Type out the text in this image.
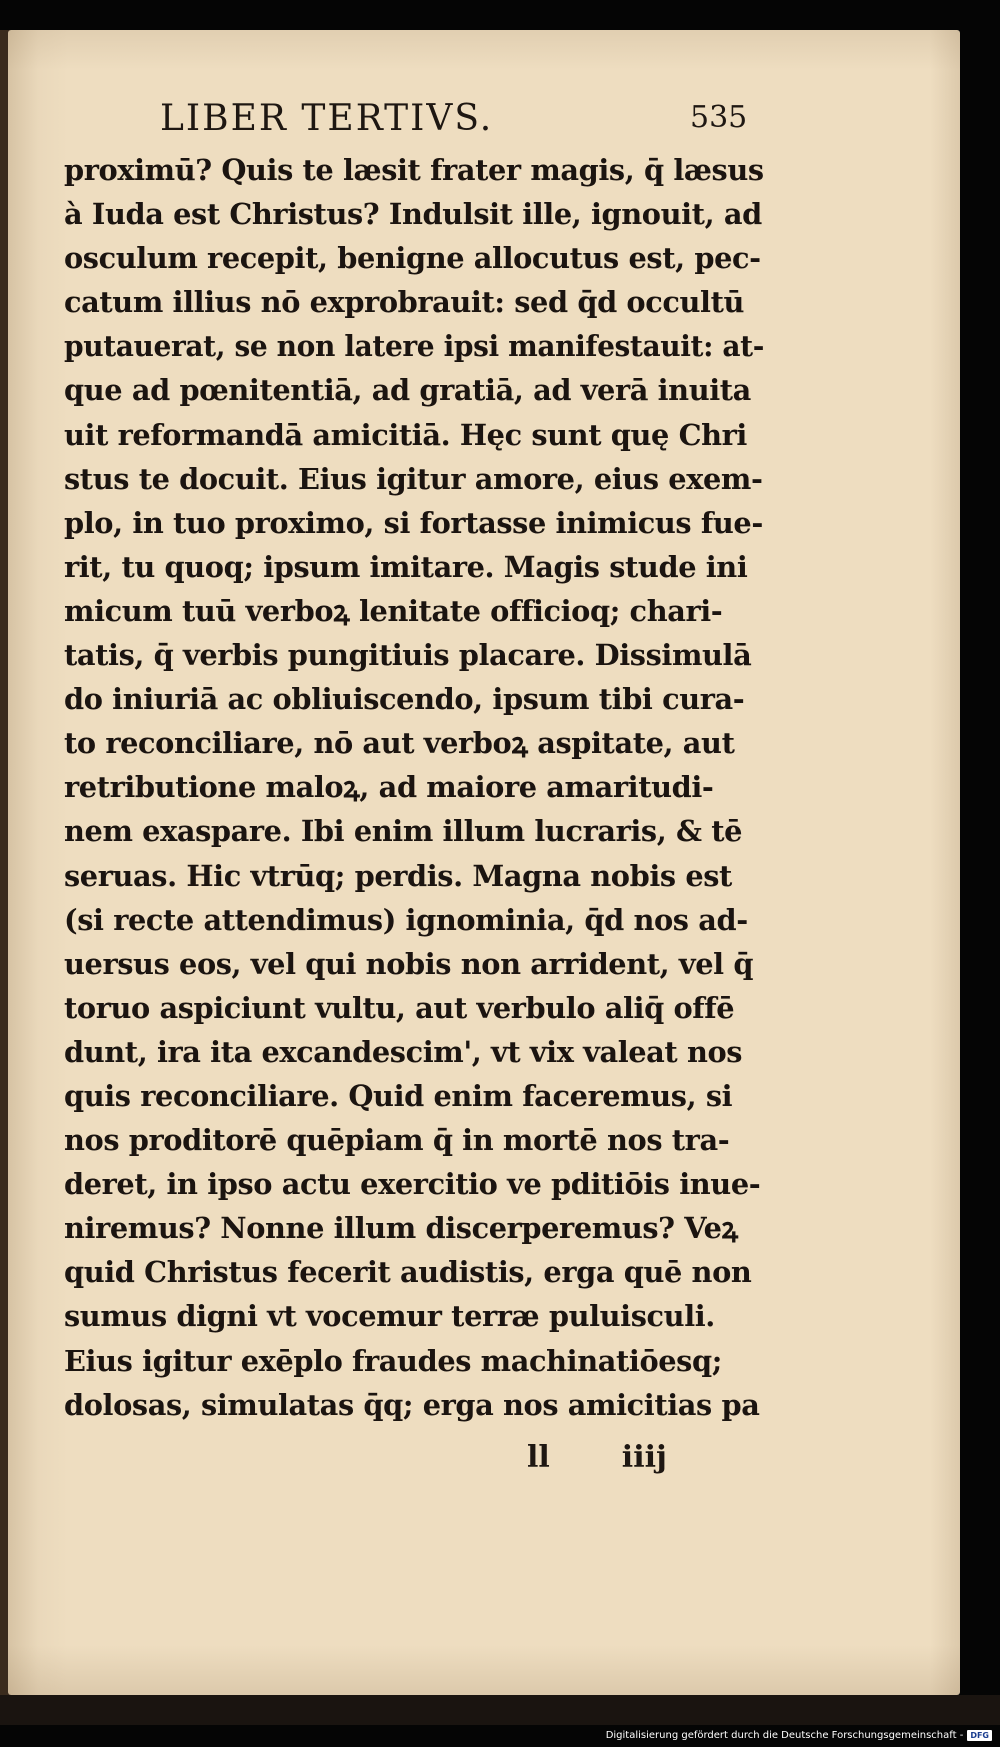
LIBER TERTIVS.	535
proximū? Quis te læsit frater magis, q̄ læsus
à Iuda est Christus? Indulsit ille, ignouit, ad
osculum recepit, benigne allocutus est, pec-
catum illius nō exprobrauit: sed q̄d occultū
putauerat, se non latere ipsi manifestauit: at-
que ad pœnitentiā, ad gratiā, ad verā inuita
uit reformandā amicitiā. Hęc sunt quę Chri
stus te docuit. Eius igitur amore, eius exem-
plo, in tuo proximo, si fortasse inimicus fue-
rit, tu quoq; ipsum imitare. Magis stude ini
micum tuū verboꝝ lenitate officioq; chari-
tatis, q̄ verbis pungitiuis placare. Dissimulā
do iniuriā ac obliuiscendo, ipsum tibi cura-
to reconciliare, nō aut verboꝝ aspitate, aut
retributione maloꝝ, ad maiore amaritudi-
nem exaspare. Ibi enim illum lucraris, & tē
seruas. Hic vtrūq; perdis. Magna nobis est
(si recte attendimus) ignominia, q̄d nos ad-
uersus eos, vel qui nobis non arrident, vel q̄
toruo aspiciunt vultu, aut verbulo aliq̄ offē
dunt, ira ita excandescim', vt vix valeat nos
quis reconciliare. Quid enim faceremus, si
nos proditorē quēpiam q̄ in mortē nos tra-
deret, in ipso actu exercitio ve pditiōis inue-
niremus? Nonne illum discerperemus? Veꝝ
quid Christus fecerit audistis, erga quē non
sumus digni vt vocemur terræ puluisculi.
Eius igitur exēplo fraudes machinatiōesq;
dolosas, simulatas q̄q; erga nos amicitias pa
ll iiij
Digitalisierung gefördert durch die Deutsche Forschungsgemeinschaft - DFG
